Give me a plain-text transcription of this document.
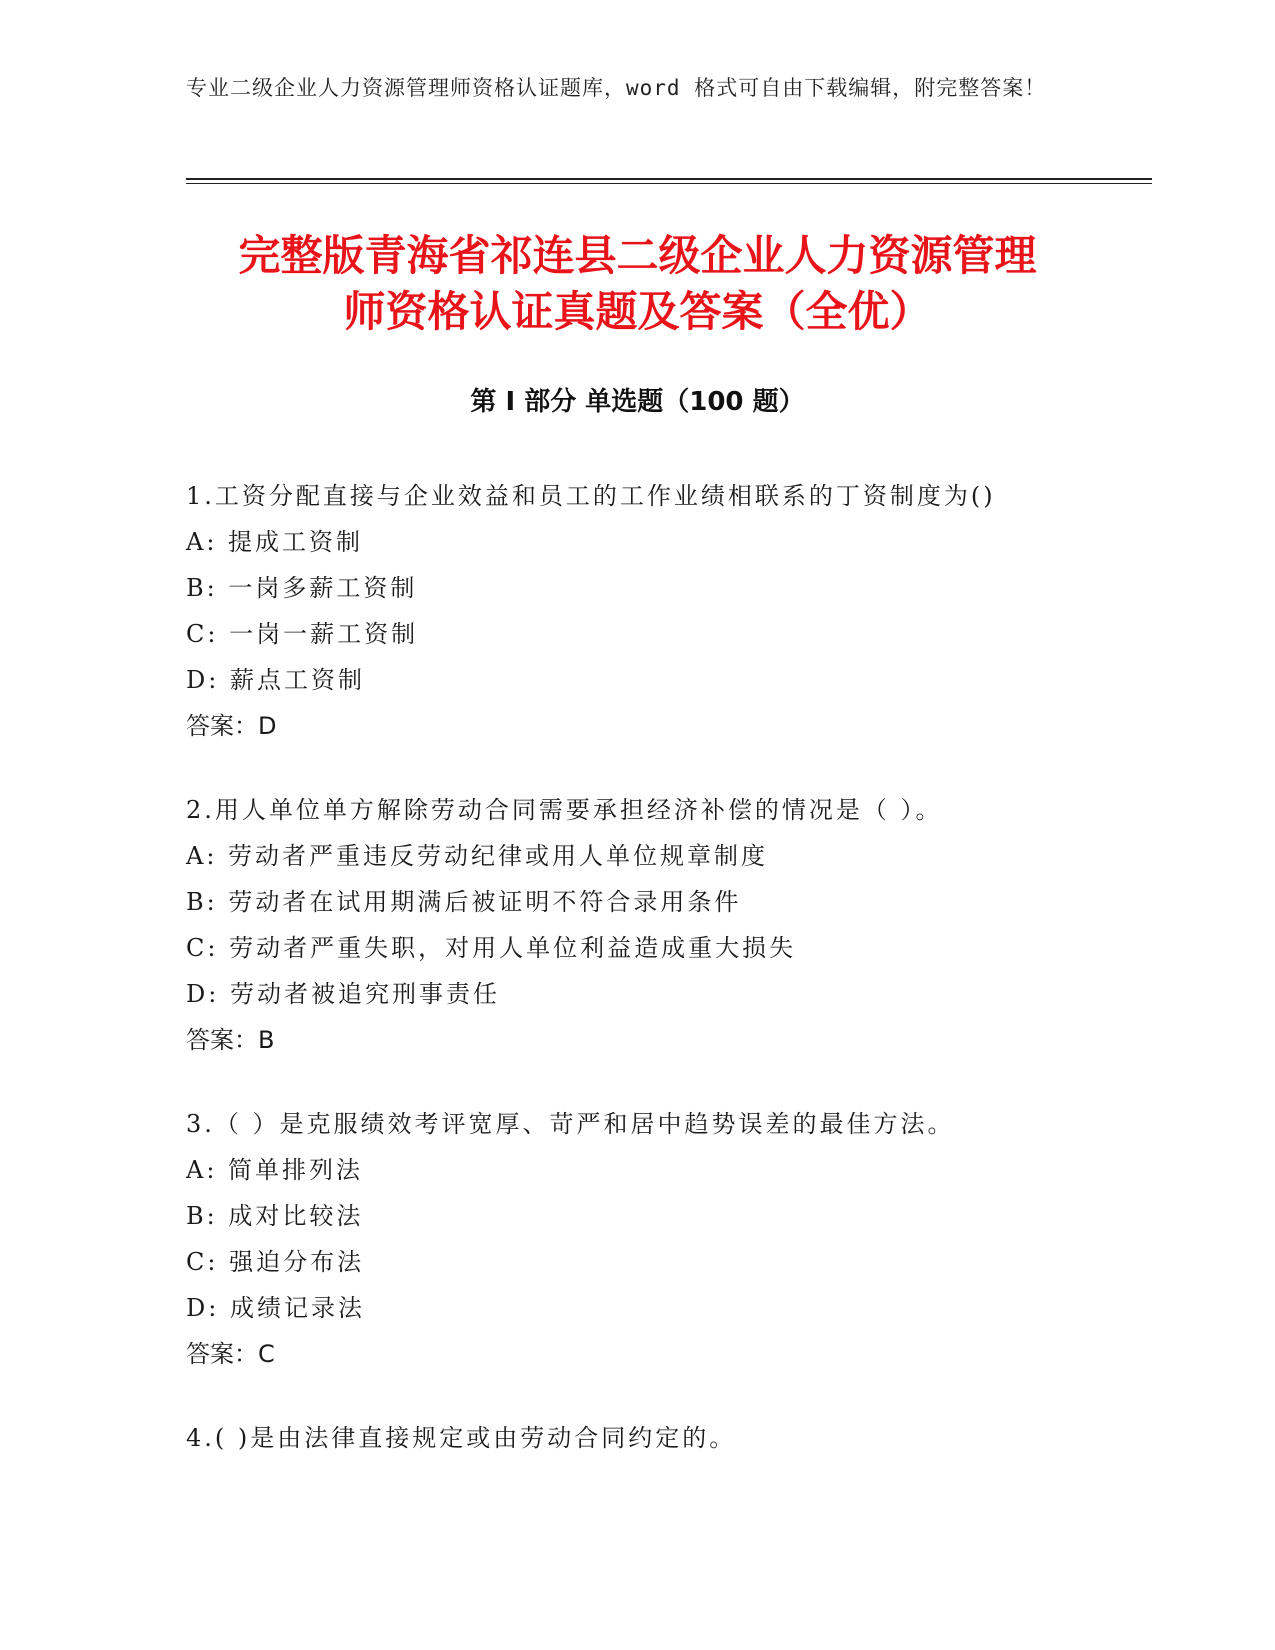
专业二级企业人力资源管理师资格认证题库，word 格式可自由下载编辑，附完整答案！
完整版青海省祁连县二级企业人力资源管理
师资格认证真题及答案（全优）
第 I 部分 单选题（100 题）
1.工资分配直接与企业效益和员工的工作业绩相联系的丁资制度为()
A: 提成工资制
B: 一岗多薪工资制
C: 一岗一薪工资制
D: 薪点工资制
答案：D
2.用人单位单方解除劳动合同需要承担经济补偿的情况是（ ）。
A: 劳动者严重违反劳动纪律或用人单位规章制度
B: 劳动者在试用期满后被证明不符合录用条件
C: 劳动者严重失职，对用人单位利益造成重大损失
D: 劳动者被追究刑事责任
答案：B
3.（ ）是克服绩效考评宽厚、苛严和居中趋势误差的最佳方法。
A: 简单排列法
B: 成对比较法
C: 强迫分布法
D: 成绩记录法
答案：C
4.( )是由法律直接规定或由劳动合同约定的。
